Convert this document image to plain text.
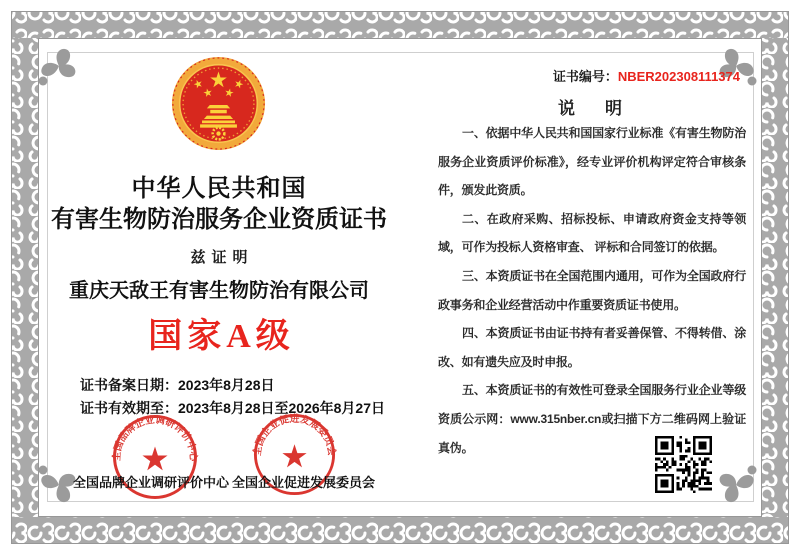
中华人民共和国
有害生物防治服务企业资质证书
兹证明
重庆天敌王有害生物防治有限公司
国家A级
证书备案日期：2023年8月28日
证书有效期至：2023年8月28日至2026年8月27日
全国品牌企业调研评价中心	全国企业促进发展委员会
全国品牌企业调研评价中心 全国企业促进发展委员会
证书编号：NBER202308111374
说明

一、依据中华人民共和国国家行业标准《有害生物防治服务企业资质评价标准》，经专业评价机构评定符合审核条件，颁发此资质。

二、在政府采购、招标投标、申请政府资金支持等领域，可作为投标人资格审查、 评标和合同签订的依据。

三、本资质证书在全国范围内通用，可作为全国政府行政事务和企业经营活动中作重要资质证书使用。

四、本资质证书由证书持有者妥善保管、不得转借、涂改、如有遗失应及时申报。

五、本资质证书的有效性可登录全国服务行业企业等级资质公示网：www.315nber.cn或扫描下方二维码网上验证真伪。
